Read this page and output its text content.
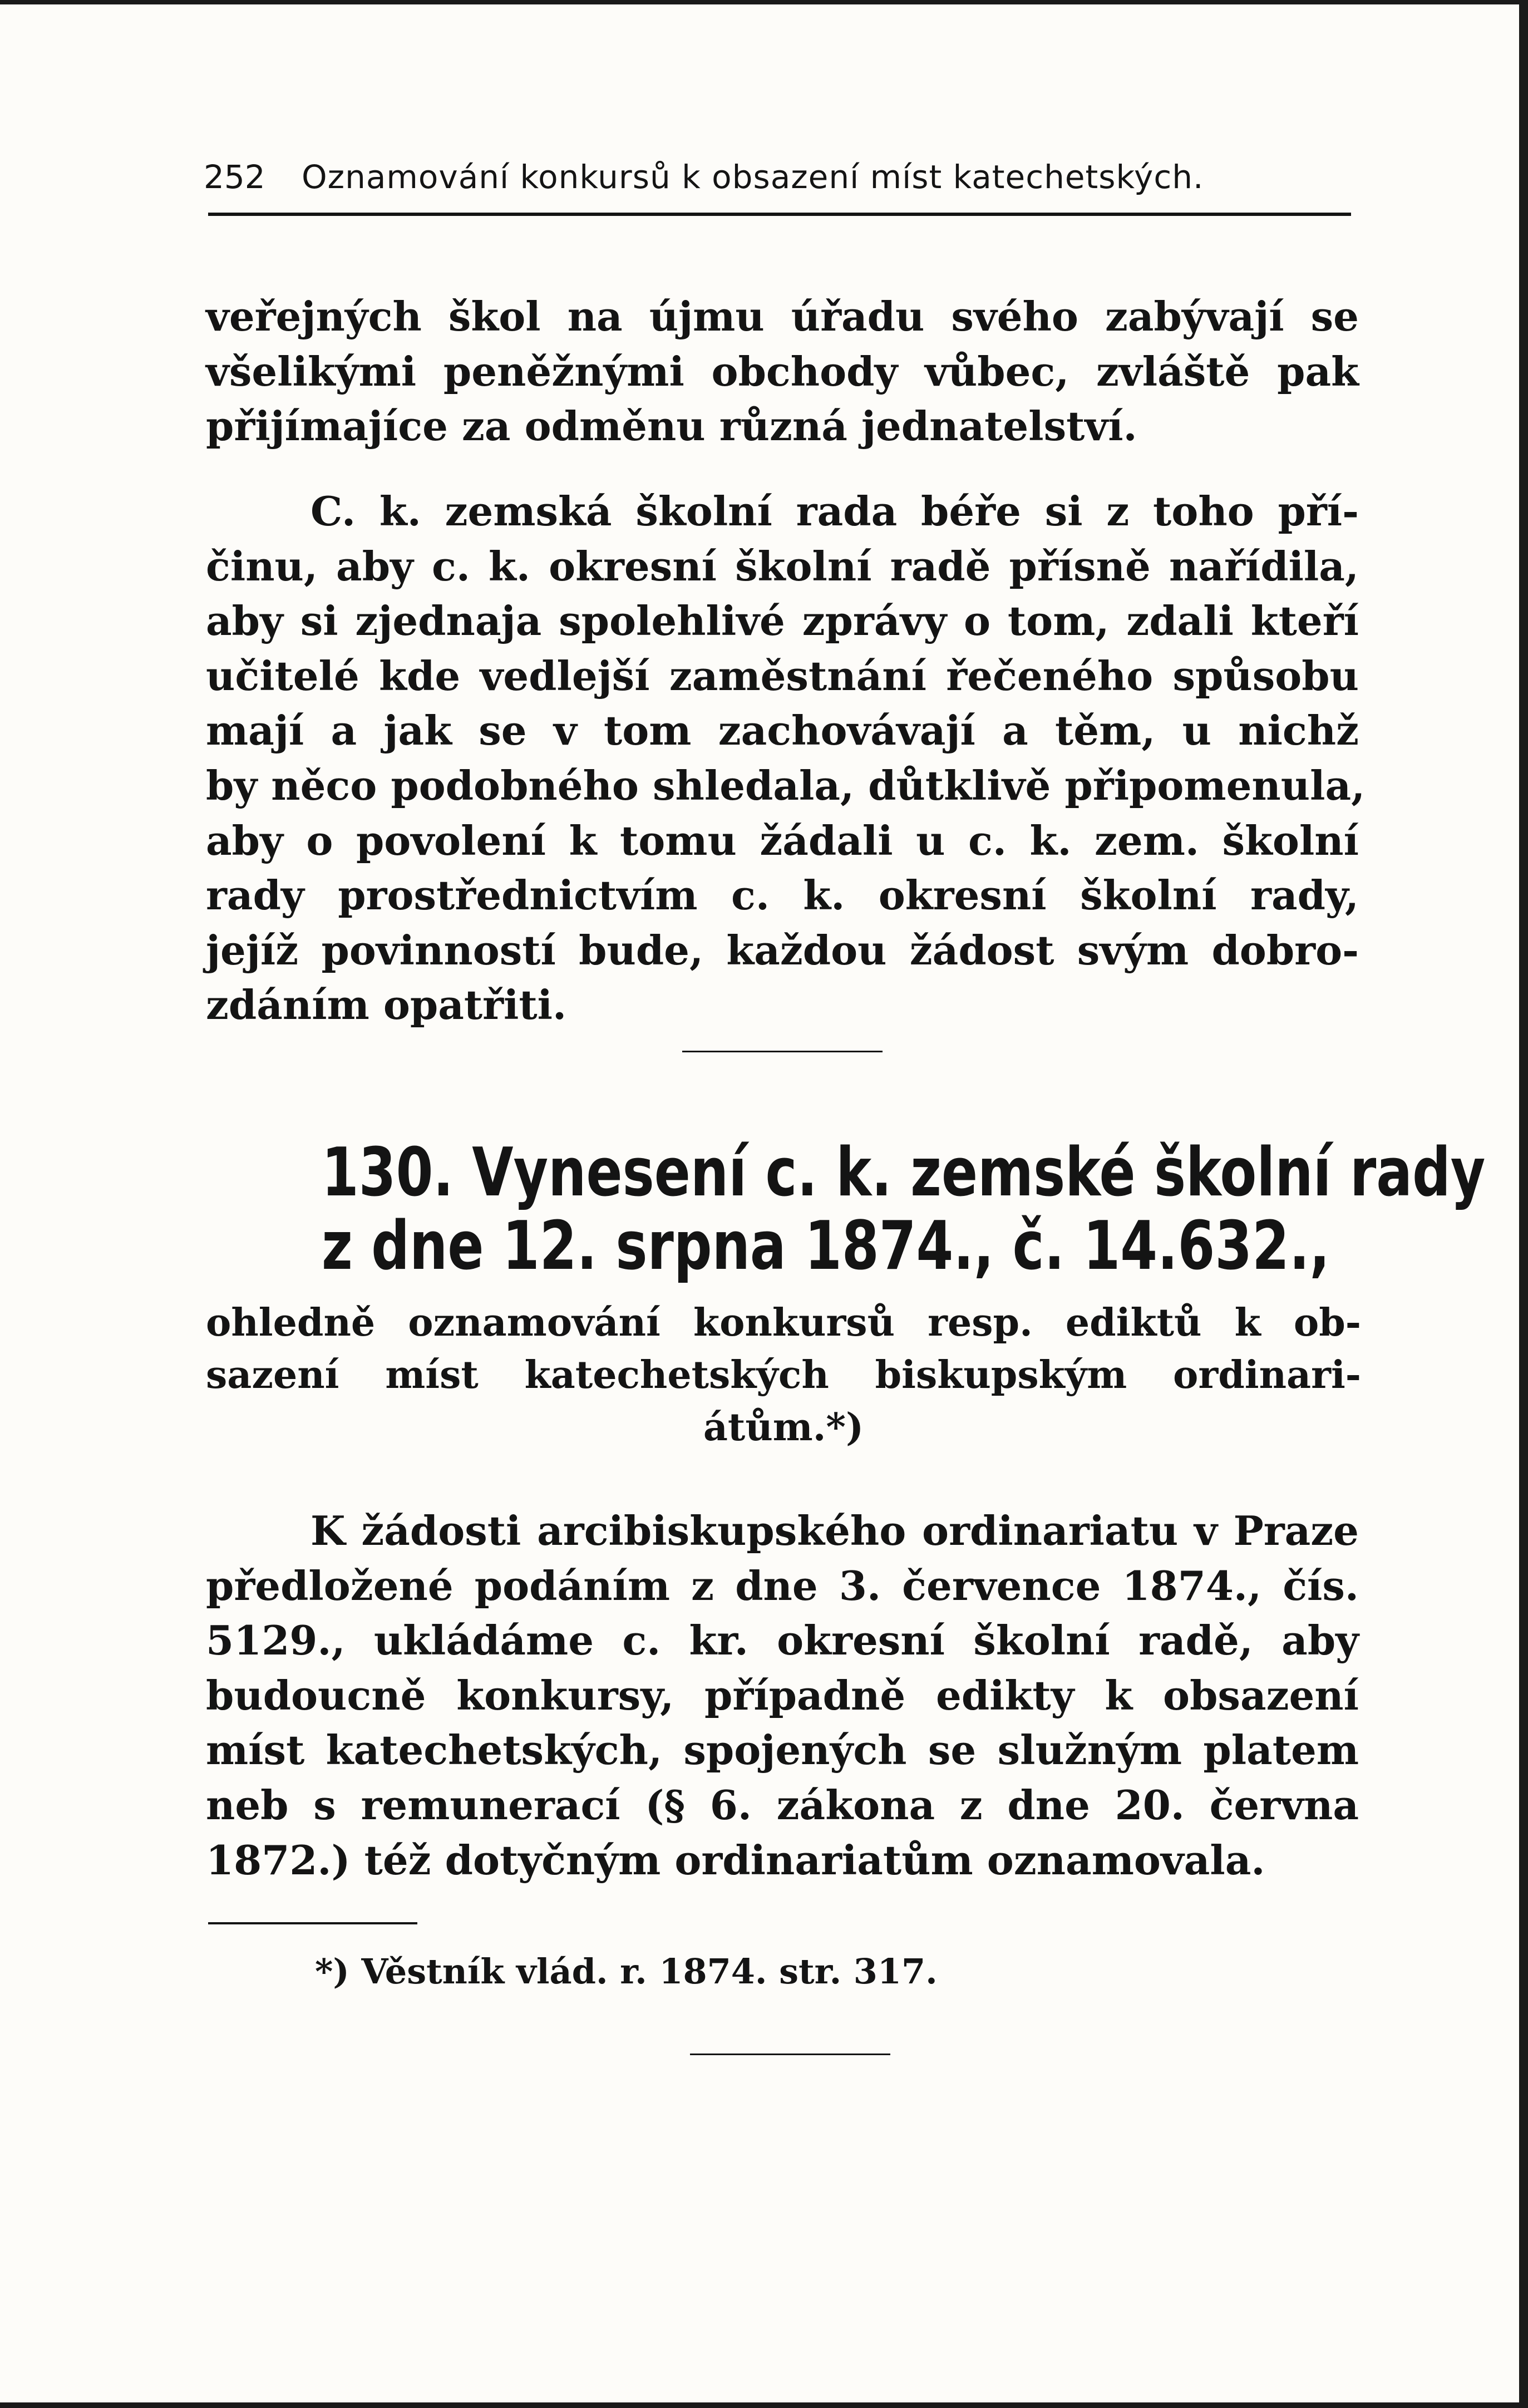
252 Oznamování konkursů k obsazení míst katechetských.
veřejných škol na újmu úřadu svého zabývají se
všelikými peněžnými obchody vůbec, zvláště pak
přijímajíce za odměnu různá jednatelství.
C. k. zemská školní rada béře si z toho pří-
činu, aby c. k. okresní školní radě přísně nařídila,
aby si zjednaja spolehlivé zprávy o tom, zdali kteří
učitelé kde vedlejší zaměstnání řečeného spůsobu
mají a jak se v tom zachovávají a těm, u nichž
by něco podobného shledala, důtklivě připomenula,
aby o povolení k tomu žádali u c. k. zem. školní
rady prostřednictvím c. k. okresní školní rady,
jejíž povinností bude, každou žádost svým dobro-
zdáním opatřiti.
130. Vynesení c. k. zemské školní rady
z dne 12. srpna 1874., č. 14.632.,
ohledně oznamování konkursů resp. ediktů k ob-
sazení míst katechetských biskupským ordinari-
átům.*)
K žádosti arcibiskupského ordinariatu v Praze
předložené podáním z dne 3. července 1874., čís.
5129., ukládáme c. kr. okresní školní radě, aby
budoucně konkursy, případně edikty k obsazení
míst katechetských, spojených se služným platem
neb s remunerací (§ 6. zákona z dne 20. června
1872.) též dotyčným ordinariatům oznamovala.
*) Věstník vlád. r. 1874. str. 317.
